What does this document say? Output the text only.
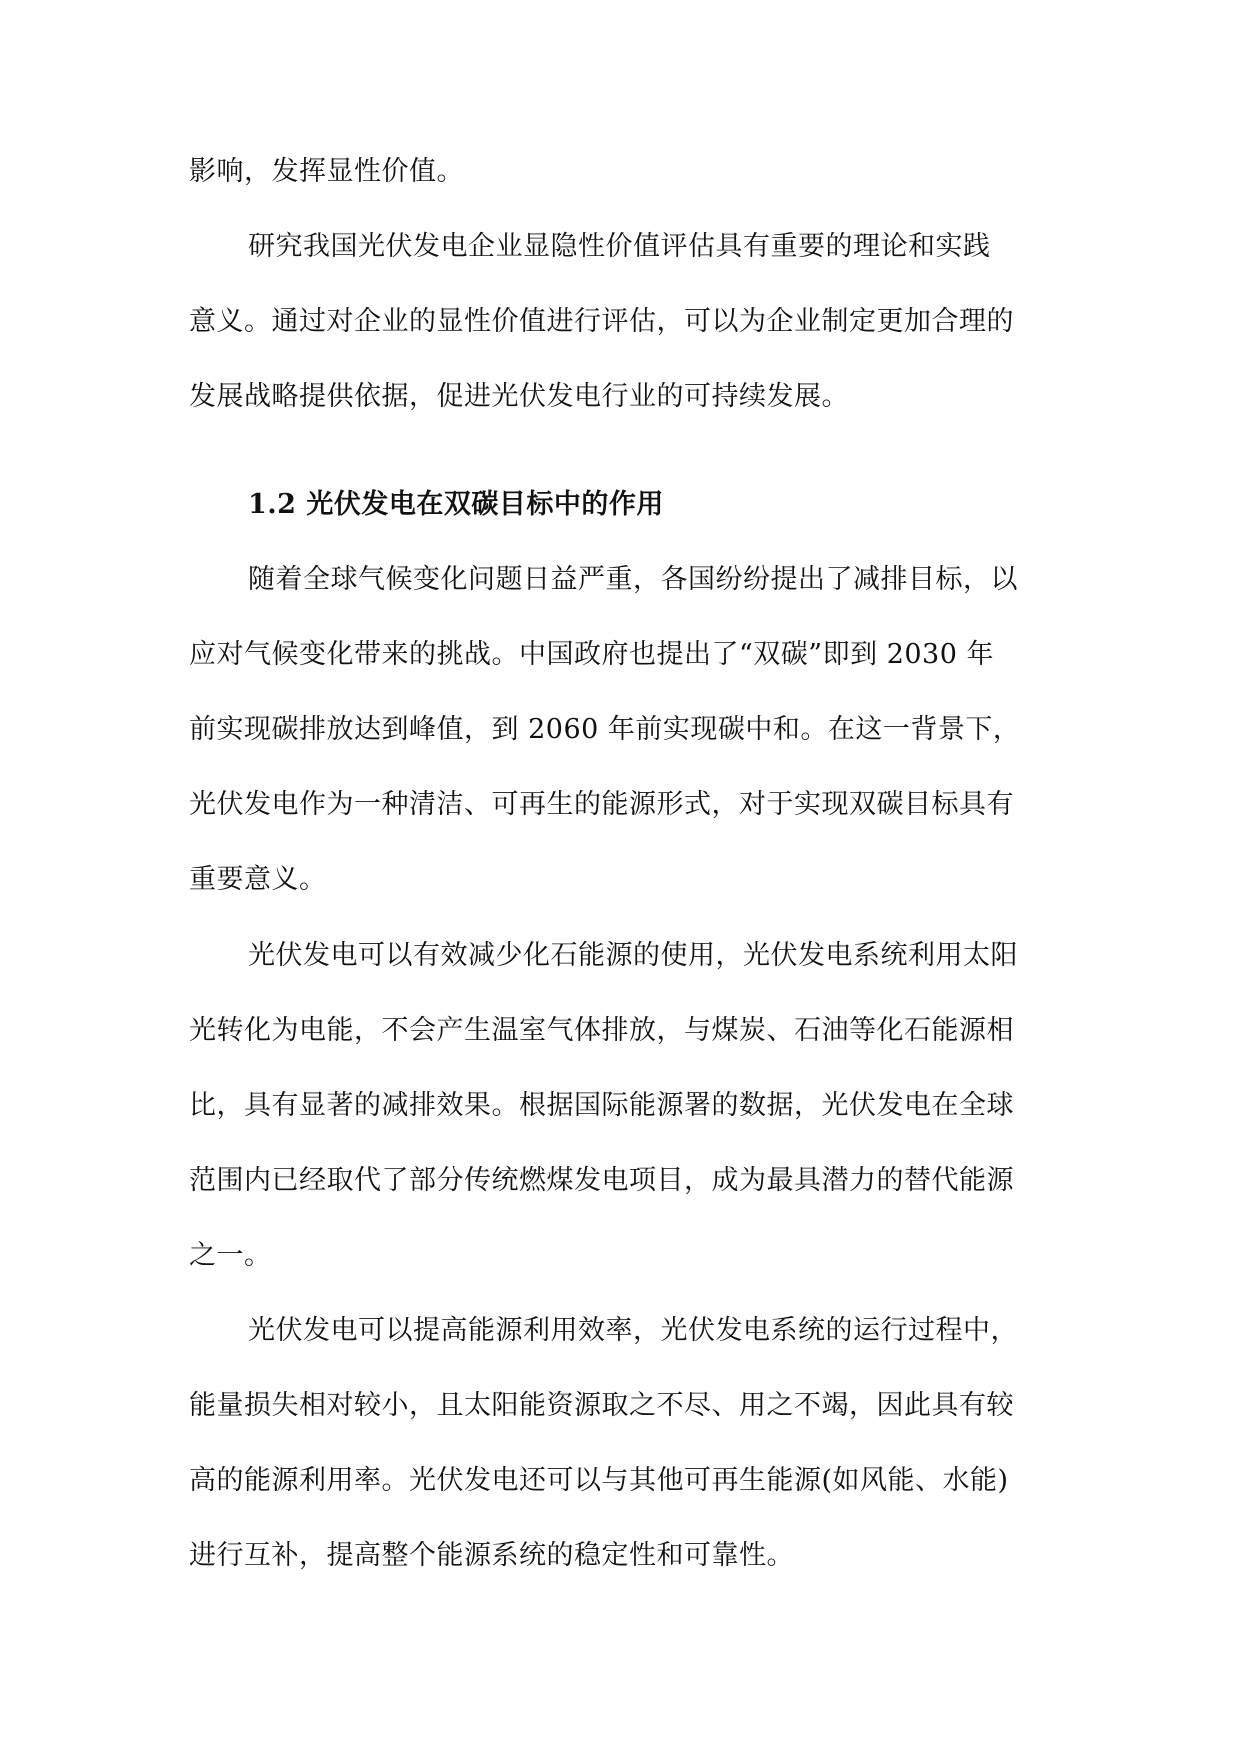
影响，发挥显性价值。
研究我国光伏发电企业显隐性价值评估具有重要的理论和实践
意义。通过对企业的显性价值进行评估，可以为企业制定更加合理的
发展战略提供依据，促进光伏发电行业的可持续发展。
1.2 光伏发电在双碳目标中的作用
随着全球气候变化问题日益严重，各国纷纷提出了减排目标，以
应对气候变化带来的挑战。中国政府也提出了“双碳”即到 2030 年
前实现碳排放达到峰值，到 2060 年前实现碳中和。在这一背景下，
光伏发电作为一种清洁、可再生的能源形式，对于实现双碳目标具有
重要意义。
光伏发电可以有效减少化石能源的使用，光伏发电系统利用太阳
光转化为电能，不会产生温室气体排放，与煤炭、石油等化石能源相
比，具有显著的减排效果。根据国际能源署的数据，光伏发电在全球
范围内已经取代了部分传统燃煤发电项目，成为最具潜力的替代能源
之一。
光伏发电可以提高能源利用效率，光伏发电系统的运行过程中，
能量损失相对较小，且太阳能资源取之不尽、用之不竭，因此具有较
高的能源利用率。光伏发电还可以与其他可再生能源(如风能、水能)
进行互补，提高整个能源系统的稳定性和可靠性。
